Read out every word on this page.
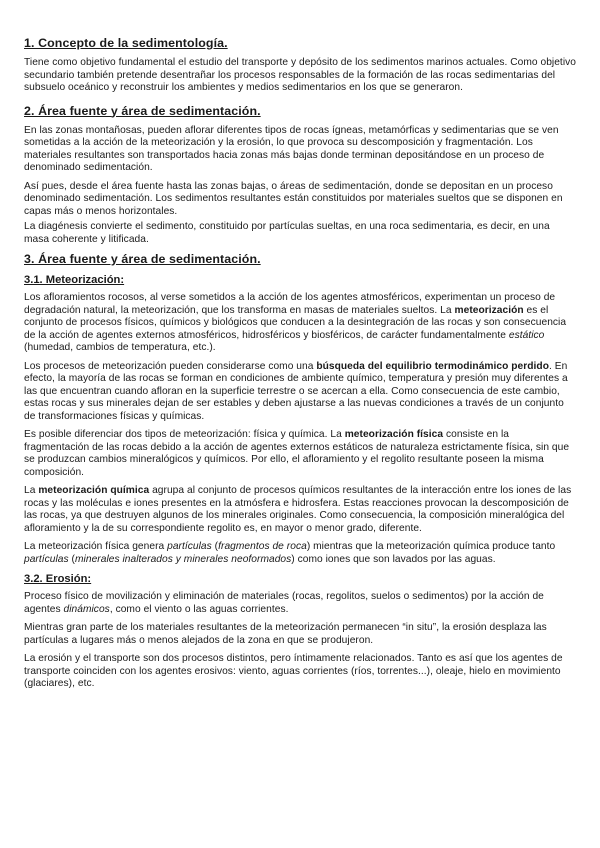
1. Concepto de la sedimentología.

Tiene como objetivo fundamental el estudio del transporte y depósito de los sedimentos marinos actuales. Como objetivo secundario también pretende desentrañar los procesos responsables de la formación de las rocas sedimentarias del subsuelo oceánico y reconstruir los ambientes y medios sedimentarios en los que se generaron.

2. Área fuente y área de sedimentación.

En las zonas montañosas, pueden aflorar diferentes tipos de rocas ígneas, metamórficas y sedimentarias que se ven sometidas a la acción de la meteorización y la erosión, lo que provoca su descomposición y fragmentación. Los materiales resultantes son transportados hacia zonas más bajas donde terminan depositándose en un proceso de denominado sedimentación.

Así pues, desde el área fuente hasta las zonas bajas, o áreas de sedimentación, donde se depositan en un proceso denominado sedimentación. Los sedimentos resultantes están constituidos por materiales sueltos que se disponen en capas más o menos horizontales.

La diagénesis convierte el sedimento, constituido por partículas sueltas, en una roca sedimentaria, es decir, en una masa coherente y litificada.

3. Área fuente y área de sedimentación.
3.1. Meteorización:

Los afloramientos rocosos, al verse sometidos a la acción de los agentes atmosféricos, experimentan un proceso de degradación natural, la meteorización, que los transforma en masas de materiales sueltos. La meteorización es el conjunto de procesos físicos, químicos y biológicos que conducen a la desintegración de las rocas y son consecuencia de la acción de agentes externos atmosféricos, hidrosféricos y biosféricos, de carácter fundamentalmente estático (humedad, cambios de temperatura, etc.).

Los procesos de meteorización pueden considerarse como una búsqueda del equilibrio termodinámico perdido. En efecto, la mayoría de las rocas se forman en condiciones de ambiente químico, temperatura y presión muy diferentes a las que encuentran cuando afloran en la superficie terrestre o se acercan a ella. Como consecuencia de este cambio, estas rocas y sus minerales dejan de ser estables y deben ajustarse a las nuevas condiciones a través de un conjunto de transformaciones físicas y químicas.

Es posible diferenciar dos tipos de meteorización: física y química. La meteorización física consiste en la fragmentación de las rocas debido a la acción de agentes externos estáticos de naturaleza estrictamente física, sin que se produzcan cambios mineralógicos y químicos. Por ello, el afloramiento y el regolito resultante poseen la misma composición.

La meteorización química agrupa al conjunto de procesos químicos resultantes de la interacción entre los iones de las rocas y las moléculas e iones presentes en la atmósfera e hidrosfera. Estas reacciones provocan la descomposición de las rocas, ya que destruyen algunos de los minerales originales. Como consecuencia, la composición mineralógica del afloramiento y la de su correspondiente regolito es, en mayor o menor grado, diferente.

La meteorización física genera partículas (fragmentos de roca) mientras que la meteorización química produce tanto partículas (minerales inalterados y minerales neoformados) como iones que son lavados por las aguas.

3.2. Erosión:

Proceso físico de movilización y eliminación de materiales (rocas, regolitos, suelos o sedimentos) por la acción de agentes dinámicos, como el viento o las aguas corrientes.

Mientras gran parte de los materiales resultantes de la meteorización permanecen “in situ”, la erosión desplaza las partículas a lugares más o menos alejados de la zona en que se produjeron.

La erosión y el transporte son dos procesos distintos, pero íntimamente relacionados. Tanto es así que los agentes de transporte coinciden con los agentes erosivos: viento, aguas corrientes (ríos, torrentes...), oleaje, hielo en movimiento (glaciares), etc.
